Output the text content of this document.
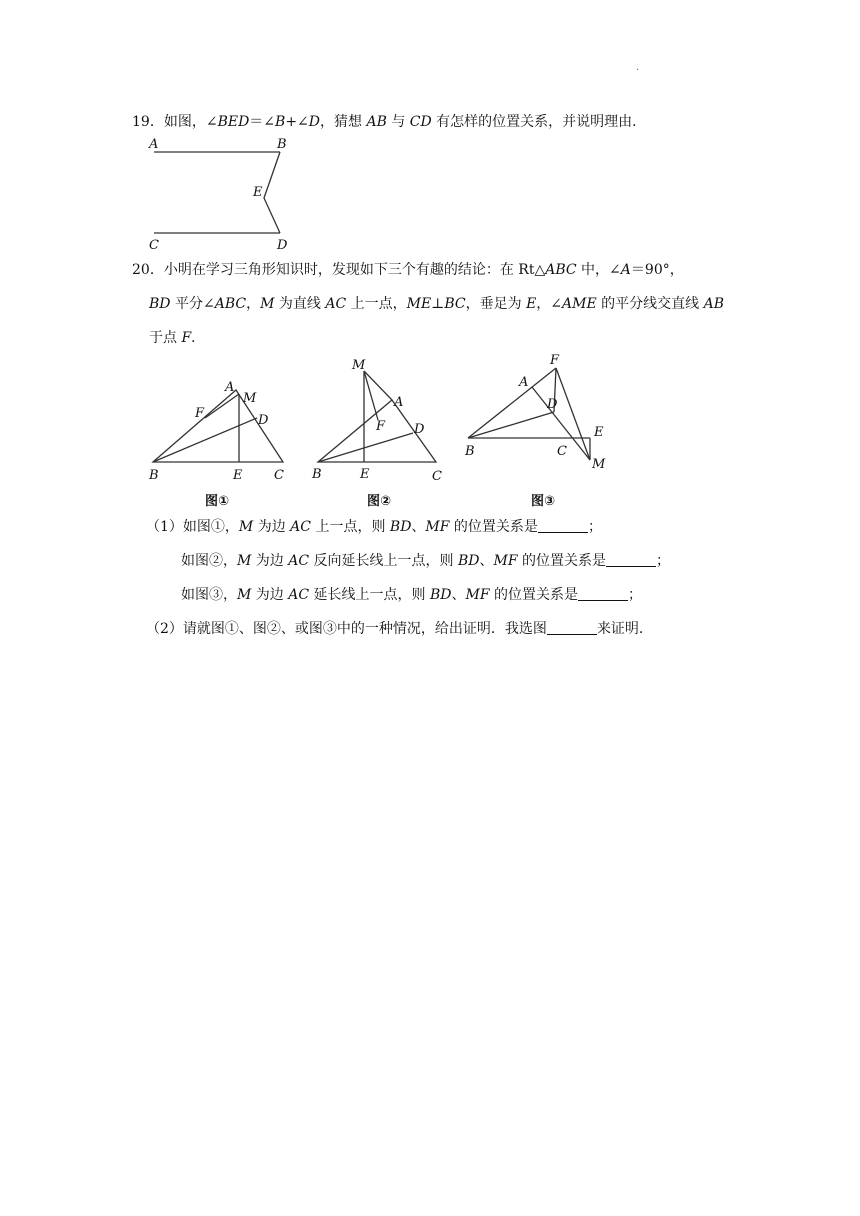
.
19．如图，∠BED＝∠B+∠D，猜想 AB 与 CD 有怎样的位置关系，并说明理由．
A	B
E
C	D
20．小明在学习三角形知识时，发现如下三个有趣的结论：在 Rt△ABC 中，∠A＝90°，
BD 平分∠ABC，M 为直线 AC 上一点，ME⊥BC，垂足为 E，∠AME 的平分线交直线 AB
于点 F．
A
M
F	D
B	E C
M
A
F D
B	E	C
F
A
D
E
B	C
M
图①	图②	图③
（1）如图①，M 为边 AC 上一点，则 BD、MF 的位置关系是	；
如图②，M 为边 AC 反向延长线上一点，则 BD、MF 的位置关系是	；
如图③，M 为边 AC 延长线上一点，则 BD、MF 的位置关系是	；
（2）请就图①、图②、或图③中的一种情况，给出证明．我选图	来证明．
